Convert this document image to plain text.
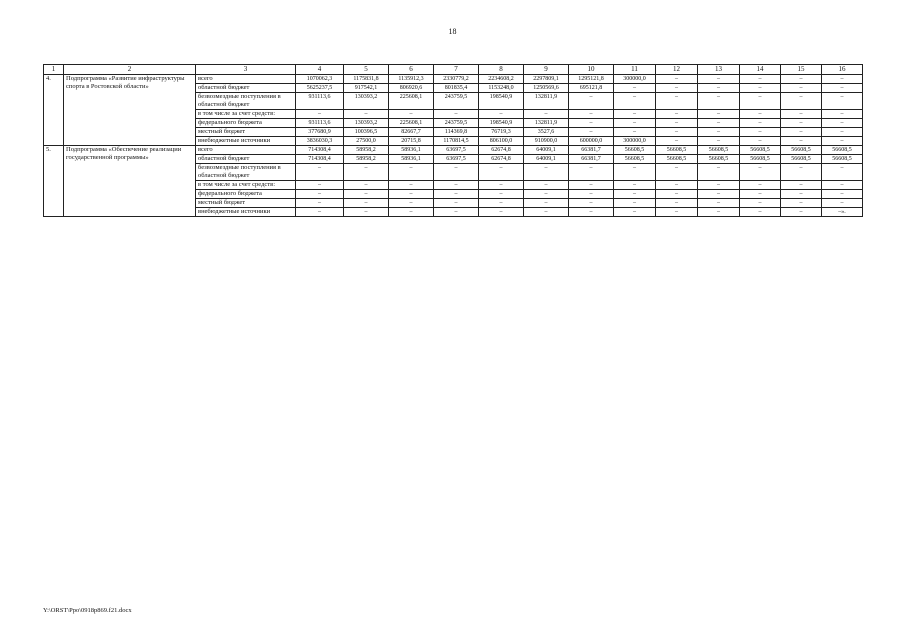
18
1	2	3	4	5	6	7	8	9	10	11	12	13	14	15	16
4.	Подпрограмма «Развитие инфраструктуры спорта в Ростовской области»	всего	1070062,3	1175831,8	1135912,3	2330779,2	2234608,2	2297809,1	1295121,8	300000,0	–	–	–	–	–
		областной бюджет	5625237,5	917542,1	806920,6	801835,4	1153248,0	1250569,6	695121,8	–	–	–	–	–	–
		безвозмездные поступления в областной бюджет	931113,6	130393,2	225608,1	243759,5	198540,9	132811,9	–	–	–	–	–	–	–
		в том числе за счет средств:	–	–	–	–	–	–	–	–	–	–	–	–	–
		федерального бюджета	931113,6	130393,2	225608,1	243759,5	198540,9	132811,9	–	–	–	–	–	–	–
		местный бюджет	377680,9	100396,5	82667,7	114369,8	76719,3	3527,6	–	–	–	–	–	–	–
		внебюджетные источники	3836030,3	27500,0	20715,8	1170814,5	806100,0	910900,0	600000,0	300000,0	–	–	–	–	–
5.	Подпрограмма «Обеспечение реализации государственной программы»	всего	714308,4	58958,2	58936,1	63697,5	62674,8	64009,1	66381,7	56608,5	56608,5	56608,5	56608,5	56608,5	56608,5
		областной бюджет	714308,4	58958,2	58936,1	63697,5	62674,8	64009,1	66381,7	56608,5	56608,5	56608,5	56608,5	56608,5	56608,5
		безвозмездные поступления в областной бюджет	–	–	–	–	–	–	–	–	–	–	–	–	–
		в том числе за счет средств:	–	–	–	–	–	–	–	–	–	–	–	–	–
		федерального бюджета	–	–	–	–	–	–	–	–	–	–	–	–	–
		местный бюджет	–	–	–	–	–	–	–	–	–	–	–	–	–
		внебюджетные источники	–	–	–	–	–	–	–	–	–	–	–	–	–».
Y:\ORST\Ppo\0918p869.f21.docx
